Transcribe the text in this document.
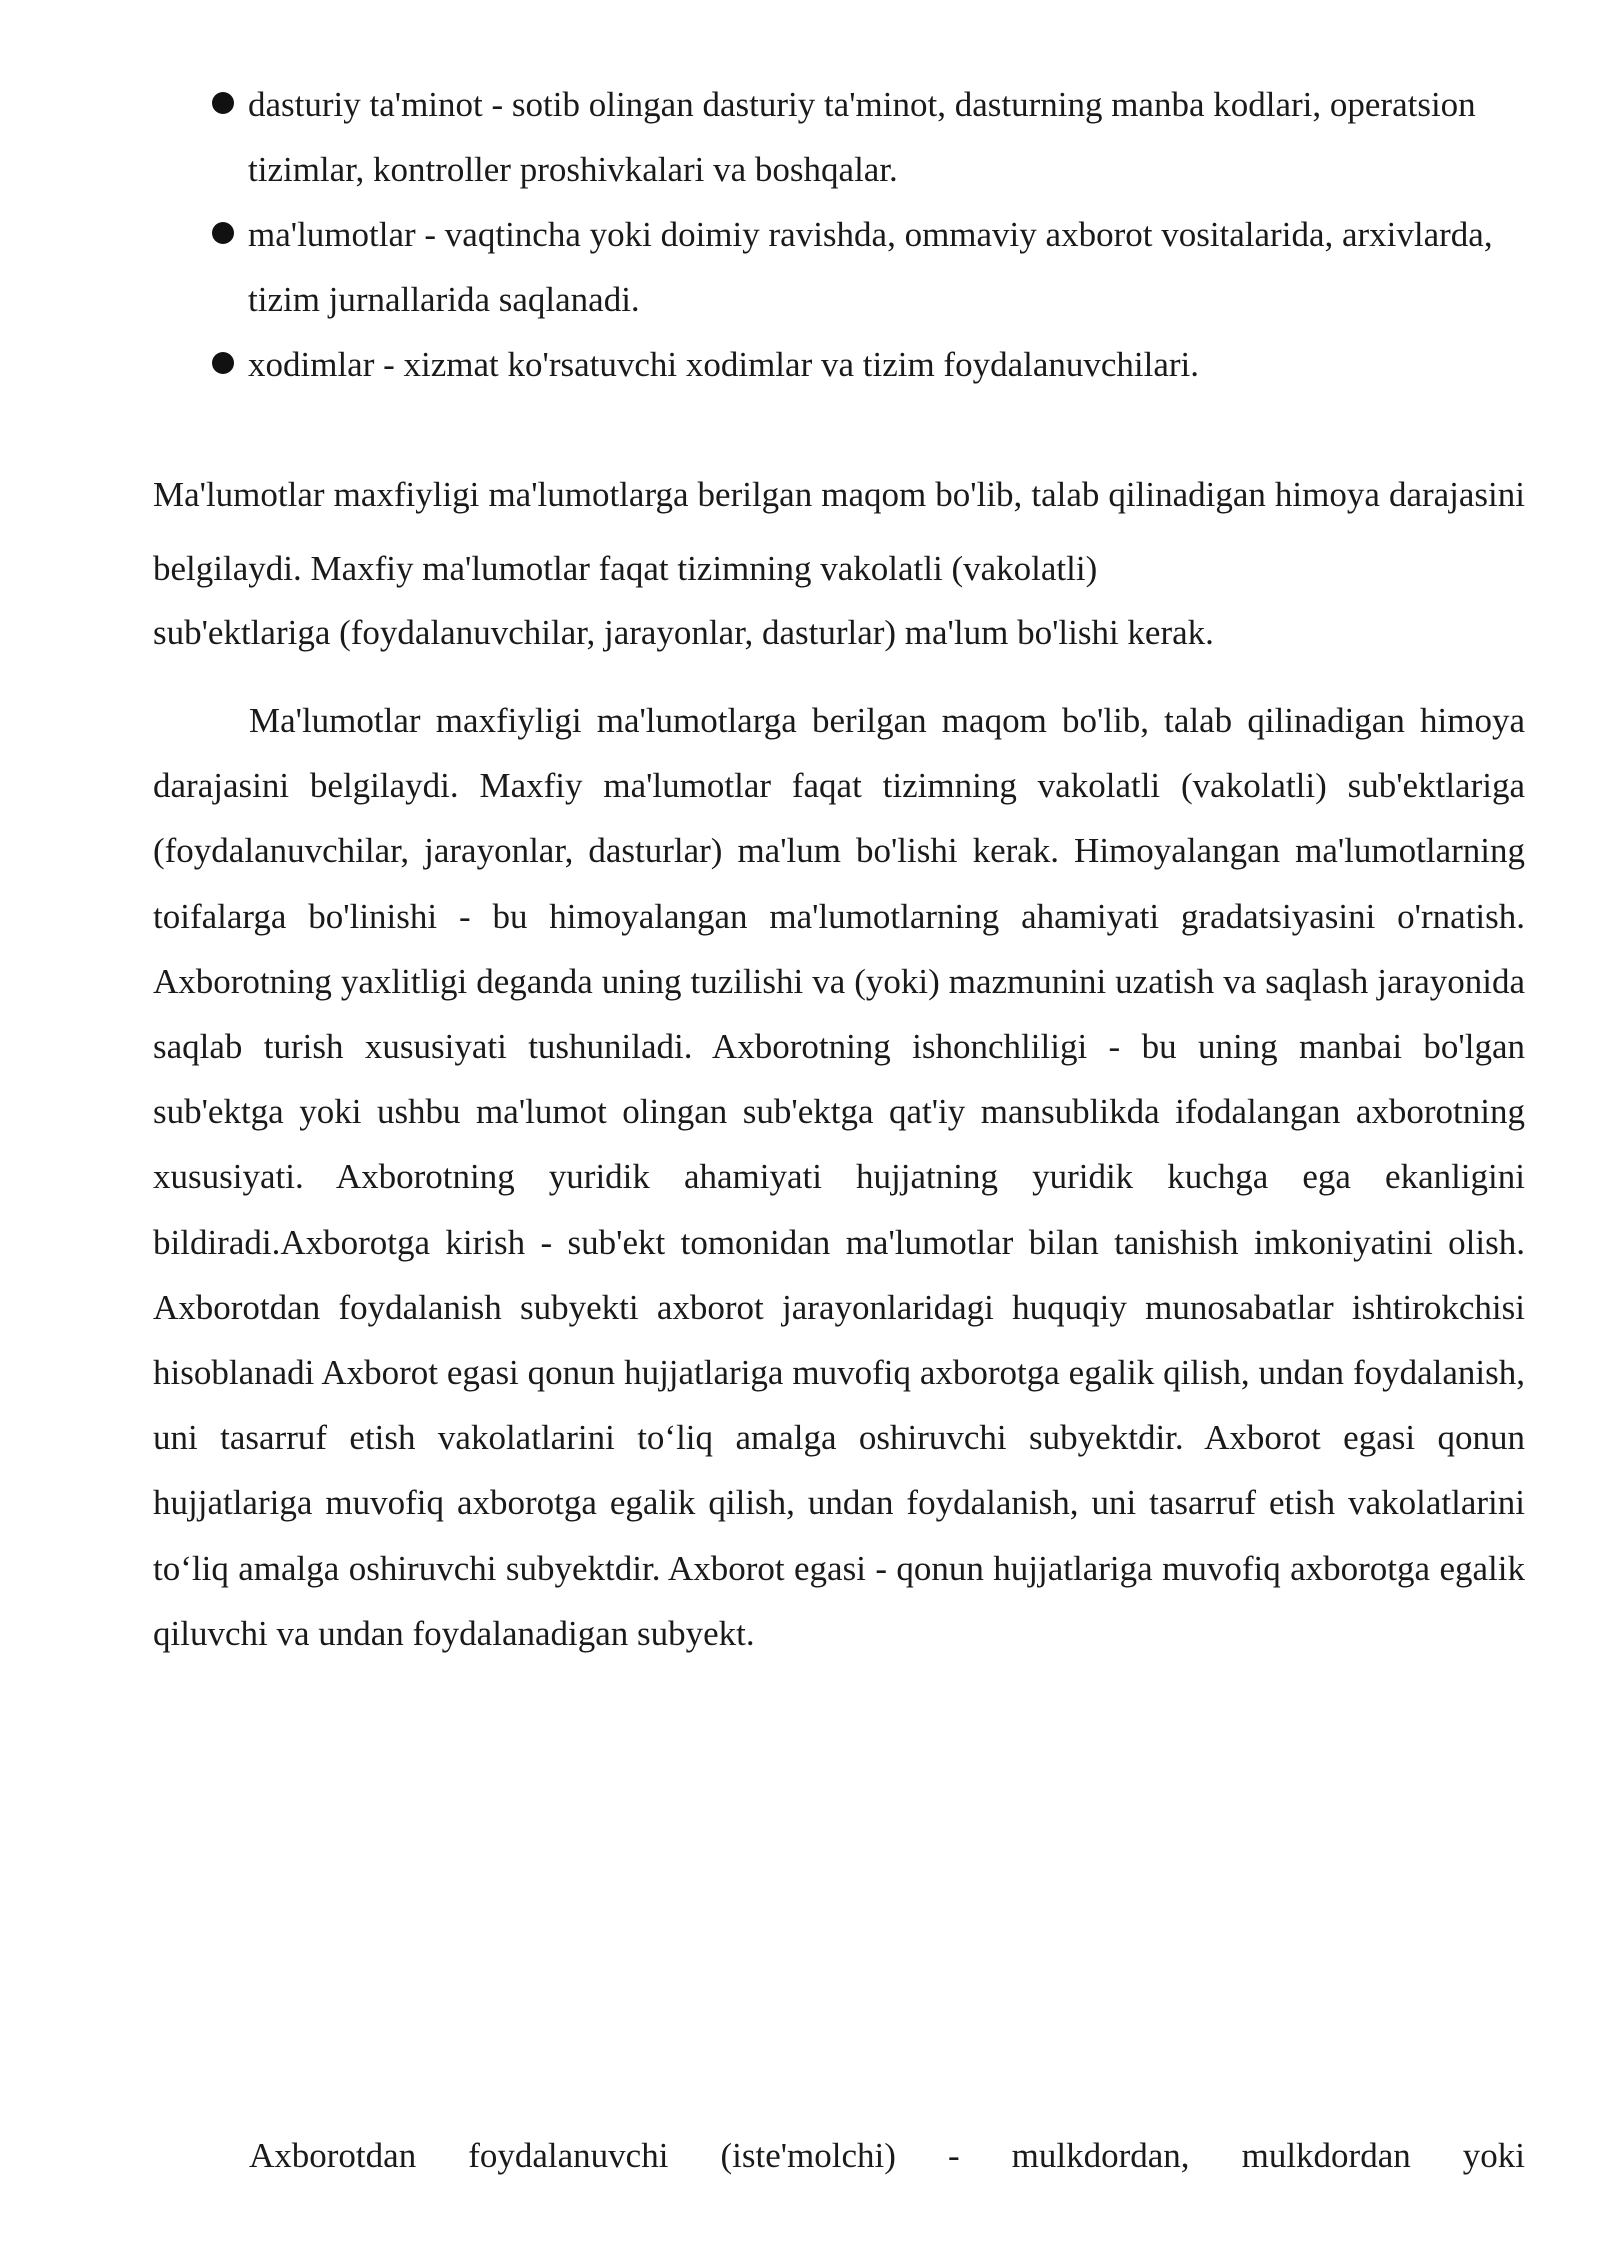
dasturiy ta'minot - sotib olingan dasturiy ta'minot, dasturning manba kodlari, operatsion tizimlar, kontroller proshivkalari va boshqalar.
ma'lumotlar - vaqtincha yoki doimiy ravishda, ommaviy axborot vositalarida, arxivlarda, tizim jurnallarida saqlanadi.
xodimlar - xizmat ko'rsatuvchi xodimlar va tizim foydalanuvchilari.

Ma'lumotlar maxfiyligi ma'lumotlarga berilgan maqom bo'lib, talab qilinadigan himoya darajasini belgilaydi. Maxfiy ma'lumotlar faqat tizimning vakolatli (vakolatli)
sub'ektlariga (foydalanuvchilar, jarayonlar, dasturlar) ma'lum bo'lishi kerak.

Ma'lumotlar maxfiyligi ma'lumotlarga berilgan maqom bo'lib, talab qilinadigan himoya darajasini belgilaydi. Maxfiy ma'lumotlar faqat tizimning vakolatli (vakolatli) sub'ektlariga (foydalanuvchilar, jarayonlar, dasturlar) ma'lum bo'lishi kerak. Himoyalangan ma'lumotlarning toifalarga bo'linishi - bu himoyalangan ma'lumotlarning ahamiyati gradatsiyasini o'rnatish. Axborotning yaxlitligi deganda uning tuzilishi va (yoki) mazmunini uzatish va saqlash jarayonida saqlab turish xususiyati tushuniladi. Axborotning ishonchliligi - bu uning manbai bo'lgan sub'ektga yoki ushbu ma'lumot olingan sub'ektga qat'iy mansublikda ifodalangan axborotning xususiyati. Axborotning yuridik ahamiyati hujjatning yuridik kuchga ega ekanligini bildiradi.Axborotga kirish - sub'ekt tomonidan ma'lumotlar bilan tanishish imkoniyatini olish. Axborotdan foydalanish subyekti axborot jarayonlaridagi huquqiy munosabatlar ishtirokchisi hisoblanadi Axborot egasi qonun hujjatlariga muvofiq axborotga egalik qilish, undan foydalanish, uni tasarruf etish vakolatlarini to‘liq amalga oshiruvchi subyektdir. Axborot egasi qonun hujjatlariga muvofiq axborotga egalik qilish, undan foydalanish, uni tasarruf etish vakolatlarini to‘liq amalga oshiruvchi subyektdir. Axborot egasi - qonun hujjatlariga muvofiq axborotga egalik qiluvchi va undan foydalanadigan subyekt.

Axborotdan foydalanuvchi (iste'molchi) - mulkdordan, mulkdordan yoki
